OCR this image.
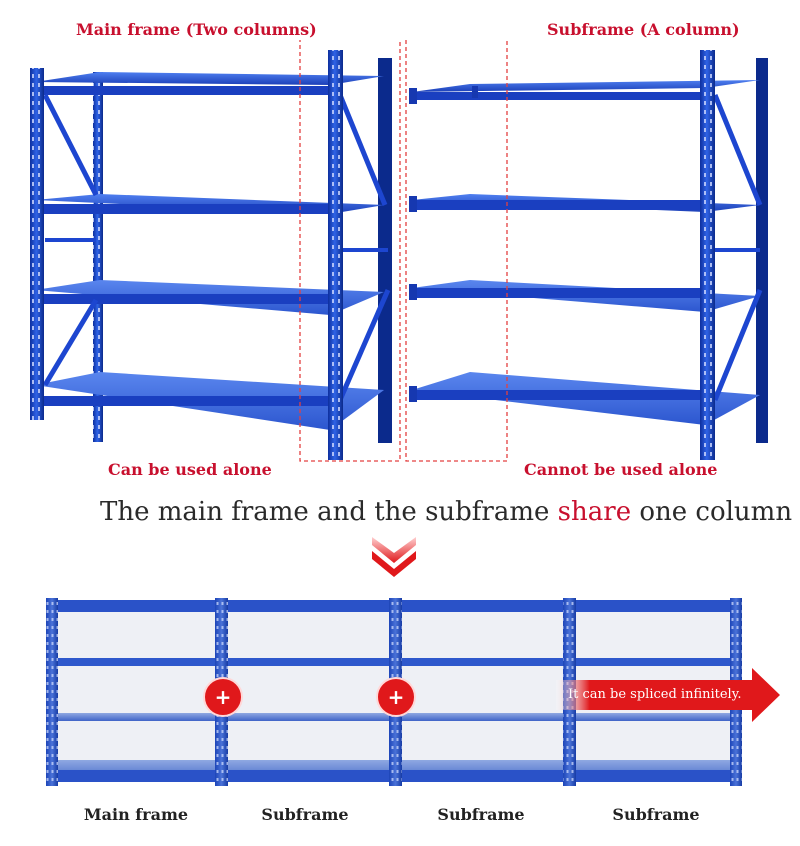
Main frame (Two columns)	Subframe (A column)
Can be used alone	Cannot be used alone
The main frame and the subframe share one column
+	+	It can be spliced infinitely.
Main frame	Subframe	Subframe	Subframe
